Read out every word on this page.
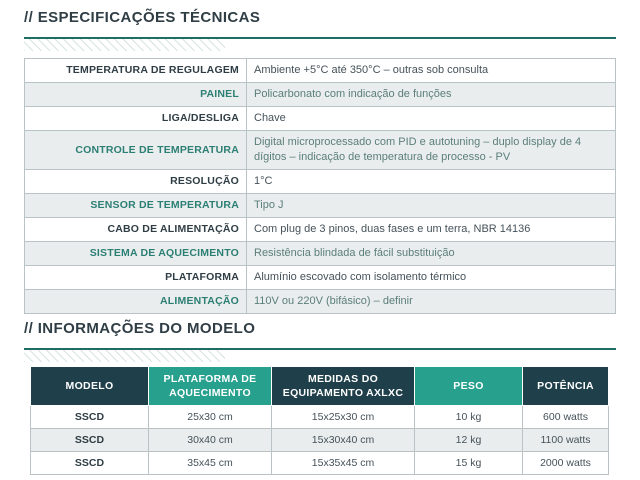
// ESPECIFICAÇÕES TÉCNICAS
TEMPERATURA DE REGULAGEM	Ambiente +5°C até 350°C – outras sob consulta
PAINEL	Policarbonato com indicação de funções
LIGA/DESLIGA	Chave
CONTROLE DE TEMPERATURA	Digital microprocessado com PID e autotuning – duplo display de 4 dígitos – indicação de temperatura de processo - PV
RESOLUÇÃO	1°C
SENSOR DE TEMPERATURA	Tipo J
CABO DE ALIMENTAÇÃO	Com plug de 3 pinos, duas fases e um terra, NBR 14136
SISTEMA DE AQUECIMENTO	Resistência blindada de fácil substituição
PLATAFORMA	Alumínio escovado com isolamento térmico
ALIMENTAÇÃO	110V ou 220V (bifásico) – definir
// INFORMAÇÕES DO MODELO
MODELO	PLATAFORMA DE AQUECIMENTO	MEDIDAS DO EQUIPAMENTO AXLXC	PESO	POTÊNCIA
SSCD	25x30 cm	15x25x30 cm	10 kg	600 watts
SSCD	30x40 cm	15x30x40 cm	12 kg	1100 watts
SSCD	35x45 cm	15x35x45 cm	15 kg	2000 watts
